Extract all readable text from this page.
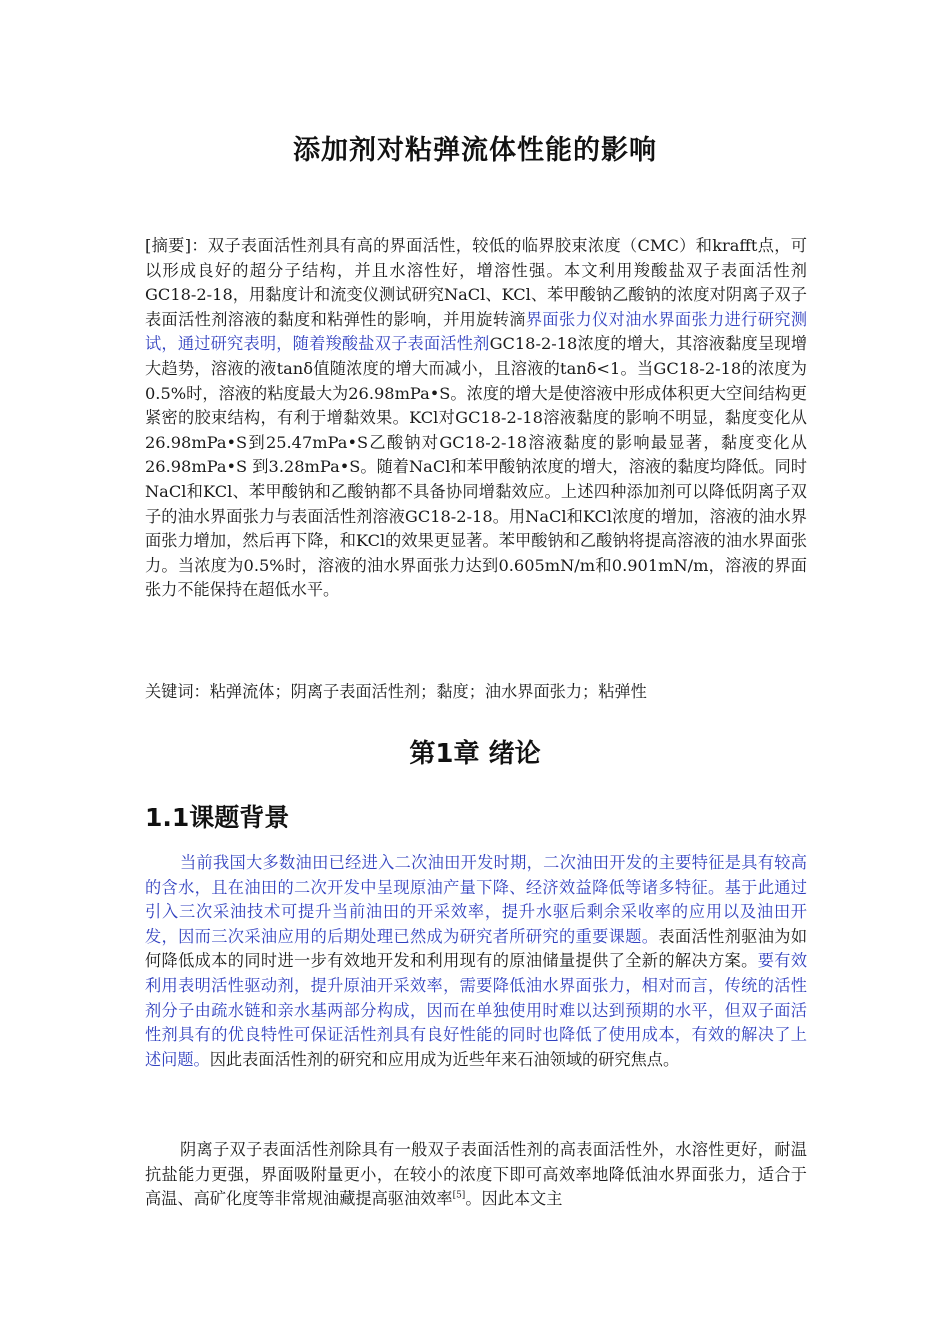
添加剂对粘弹流体性能的影响
[摘要]：双子表面活性剂具有高的界面活性，较低的临界胶束浓度（CMC）和krafft点，可以形成良好的超分子结构，并且水溶性好，增溶性强。本文利用羧酸盐双子表面活性剂GC18-2-18，用黏度计和流变仪测试研究NaCl、KCl、苯甲酸钠乙酸钠的浓度对阴离子双子表面活性剂溶液的黏度和粘弹性的影响，并用旋转滴界面张力仪对油水界面张力进行研究测试，通过研究表明，随着羧酸盐双子表面活性剂GC18-2-18浓度的增大，其溶液黏度呈现增大趋势，溶液的液tanδ值随浓度的增大而减小，且溶液的tanδ<1。当GC18-2-18的浓度为0.5%时，溶液的粘度最大为26.98mPa•S。浓度的增大是使溶液中形成体积更大空间结构更紧密的胶束结构，有利于增黏效果。KCl对GC18-2-18溶液黏度的影响不明显，黏度变化从26.98mPa•S到25.47mPa•S乙酸钠对GC18-2-18溶液黏度的影响最显著，黏度变化从26.98mPa•S 到3.28mPa•S。随着NaCl和苯甲酸钠浓度的增大，溶液的黏度均降低。同时NaCl和KCl、苯甲酸钠和乙酸钠都不具备协同增黏效应。上述四种添加剂可以降低阴离子双子的油水界面张力与表面活性剂溶液GC18-2-18。用NaCl和KCl浓度的增加，溶液的油水界面张力增加，然后再下降，和KCl的效果更显著。苯甲酸钠和乙酸钠将提高溶液的油水界面张力。当浓度为0.5%时，溶液的油水界面张力达到0.605mN/m和0.901mN/m，溶液的界面张力不能保持在超低水平。
关键词：粘弹流体；阴离子表面活性剂；黏度；油水界面张力；粘弹性
第1章 绪论
1.1课题背景
当前我国大多数油田已经进入二次油田开发时期，二次油田开发的主要特征是具有较高的含水，且在油田的二次开发中呈现原油产量下降、经济效益降低等诸多特征。基于此通过引入三次采油技术可提升当前油田的开采效率，提升水驱后剩余采收率的应用以及油田开发，因而三次采油应用的后期处理已然成为研究者所研究的重要课题。表面活性剂驱油为如何降低成本的同时进一步有效地开发和利用现有的原油储量提供了全新的解决方案。要有效利用表明活性驱动剂，提升原油开采效率，需要降低油水界面张力，相对而言，传统的活性剂分子由疏水链和亲水基两部分构成，因而在单独使用时难以达到预期的水平，但双子面活性剂具有的优良特性可保证活性剂具有良好性能的同时也降低了使用成本，有效的解决了上述问题。因此表面活性剂的研究和应用成为近些年来石油领域的研究焦点。
阴离子双子表面活性剂除具有一般双子表面活性剂的高表面活性外，水溶性更好，耐温抗盐能力更强，界面吸附量更小，在较小的浓度下即可高效率地降低油水界面张力，适合于高温、高矿化度等非常规油藏提高驱油效率[5]。因此本文主
